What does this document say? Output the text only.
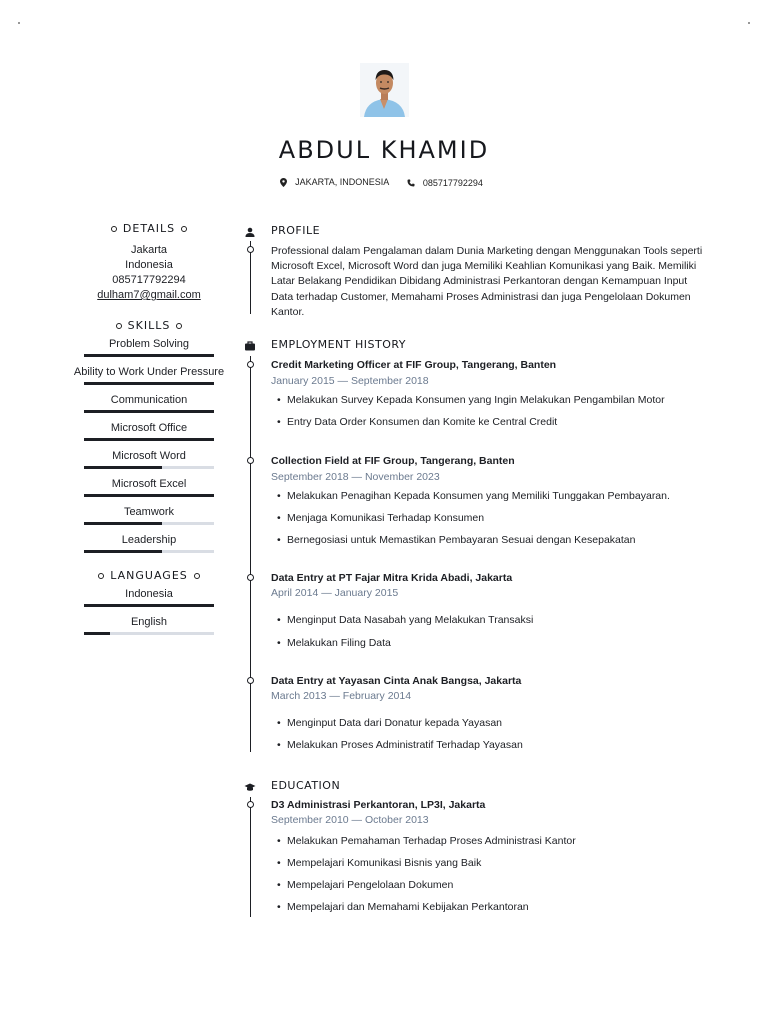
ABDUL KHAMID
JAKARTA, INDONESIA
	085717792294
DETAILS
Jakarta
Indonesia
085717792294
dulham7@gmail.com
SKILLS
Problem Solving
Ability to Work Under Pressure
Communication
Microsoft Office
Microsoft Word
Microsoft Excel
Teamwork
Leadership
LANGUAGES
Indonesia
English
PROFILE
Professional dalam Pengalaman dalam Dunia Marketing dengan Menggunakan Tools seperti Microsoft Excel, Microsoft Word dan juga Memiliki Keahlian Komunikasi yang Baik. Memiliki Latar Belakang Pendidikan Dibidang Administrasi Perkantoran dengan Kemampuan Input Data terhadap Customer, Memahami Proses Administrasi dan juga Pengelolaan Dokumen Kantor.
EMPLOYMENT HISTORY
Credit Marketing Officer at FIF Group, Tangerang, Banten
January 2015 — September 2018
• Melakukan Survey Kepada Konsumen yang Ingin Melakukan Pengambilan Motor
• Entry Data Order Konsumen dan Komite ke Central Credit
Collection Field at FIF Group, Tangerang, Banten
September 2018 — November 2023
• Melakukan Penagihan Kepada Konsumen yang Memiliki Tunggakan Pembayaran.
• Menjaga Komunikasi Terhadap Konsumen
• Bernegosiasi untuk Memastikan Pembayaran Sesuai dengan Kesepakatan
Data Entry at PT Fajar Mitra Krida Abadi, Jakarta
April 2014 — January 2015
• Menginput Data Nasabah yang Melakukan Transaksi
• Melakukan Filing Data
Data Entry at Yayasan Cinta Anak Bangsa, Jakarta
March 2013 — February 2014
• Menginput Data dari Donatur kepada Yayasan
• Melakukan Proses Administratif Terhadap Yayasan
EDUCATION
D3 Administrasi Perkantoran, LP3I, Jakarta
September 2010 — October 2013
• Melakukan Pemahaman Terhadap Proses Administrasi Kantor
• Mempelajari Komunikasi Bisnis yang Baik
• Mempelajari Pengelolaan Dokumen
• Mempelajari dan Memahami Kebijakan Perkantoran
